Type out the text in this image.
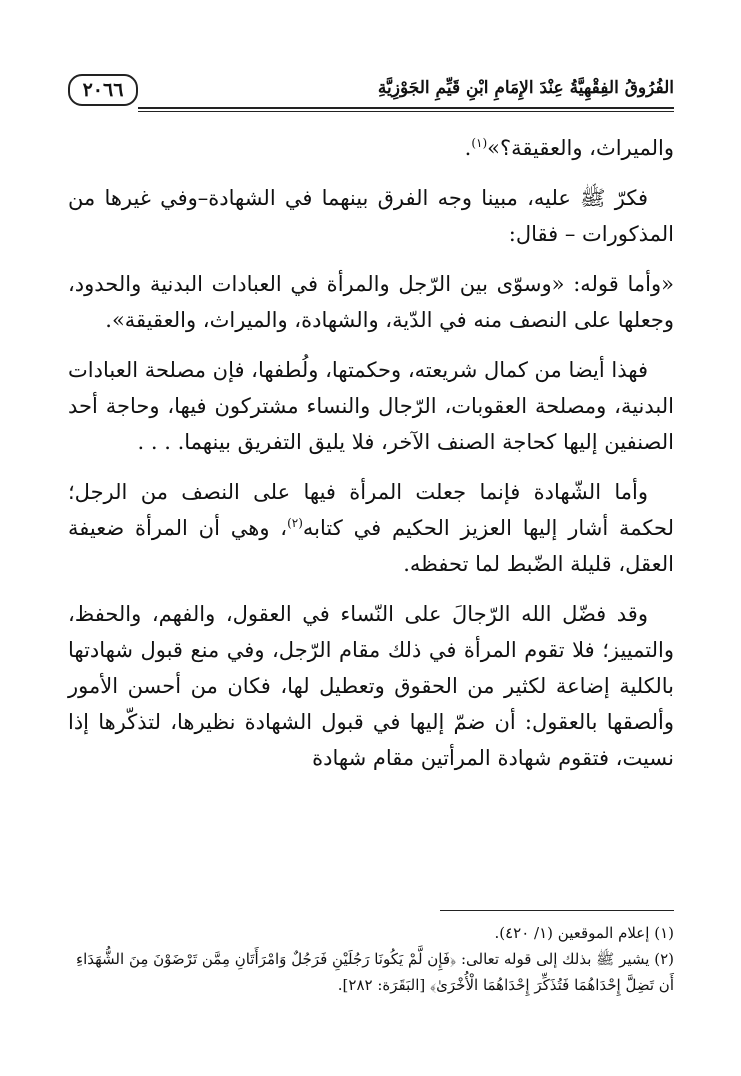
٢٠٦٦	الفُرُوقُ الفِقْهِيَّةُ عِنْدَ الإِمَامِ ابْنِ قَيِّمِ الجَوْزِيَّةِ

والميراث، والعقيقة؟»$^{(١)}$.

فكرّ ﷺ عليه، مبينا وجه الفرق بينهما في الشهادة–وفي غيرها من المذكورات – فقال:

«وأما قوله: «وسوّى بين الرّجل والمرأة في العبادات البدنية والحدود، وجعلها على النصف منه في الدّية، والشهادة، والميراث، والعقيقة».

فهذا أيضا من كمال شريعته، وحكمتها، ولُطفها، فإن مصلحة العبادات البدنية، ومصلحة العقوبات، الرّجال والنساء مشتركون فيها، وحاجة أحد الصنفين إليها كحاجة الصنف الآخر، فلا يليق التفريق بينهما. . . .

وأما الشّهادة فإنما جعلت المرأة فيها على النصف من الرجل؛ لحكمة أشار إليها العزيز الحكيم في كتابه$^{(٢)}$، وهي أن المرأة ضعيفة العقل، قليلة الضّبط لما تحفظه.

وقد فضّل الله الرّجالَ على النّساء في العقول، والفهم، والحفظ، والتمييز؛ فلا تقوم المرأة في ذلك مقام الرّجل، وفي منع قبول شهادتها بالكلية إضاعة لكثير من الحقوق وتعطيل لها، فكان من أحسن الأمور وألصقها بالعقول: أن ضمّ إليها في قبول الشهادة نظيرها، لتذكّرها إذا نسيت، فتقوم شهادة المرأتين مقام شهادة

(١) إعلام الموقعين (١/ ٤٢٠).

(٢) يشير ﷺ بذلك إلى قوله تعالى: ﴿فَإِن لَّمْ يَكُونَا رَجُلَيْنِ فَرَجُلٌ وَامْرَأَتَانِ مِمَّن تَرْضَوْنَ مِنَ الشُّهَدَاءِ أَن تَضِلَّ إِحْدَاهُمَا فَتُذَكِّرَ إِحْدَاهُمَا الْأُخْرَىٰ﴾ [البَقَرَة: ٢٨٢].
